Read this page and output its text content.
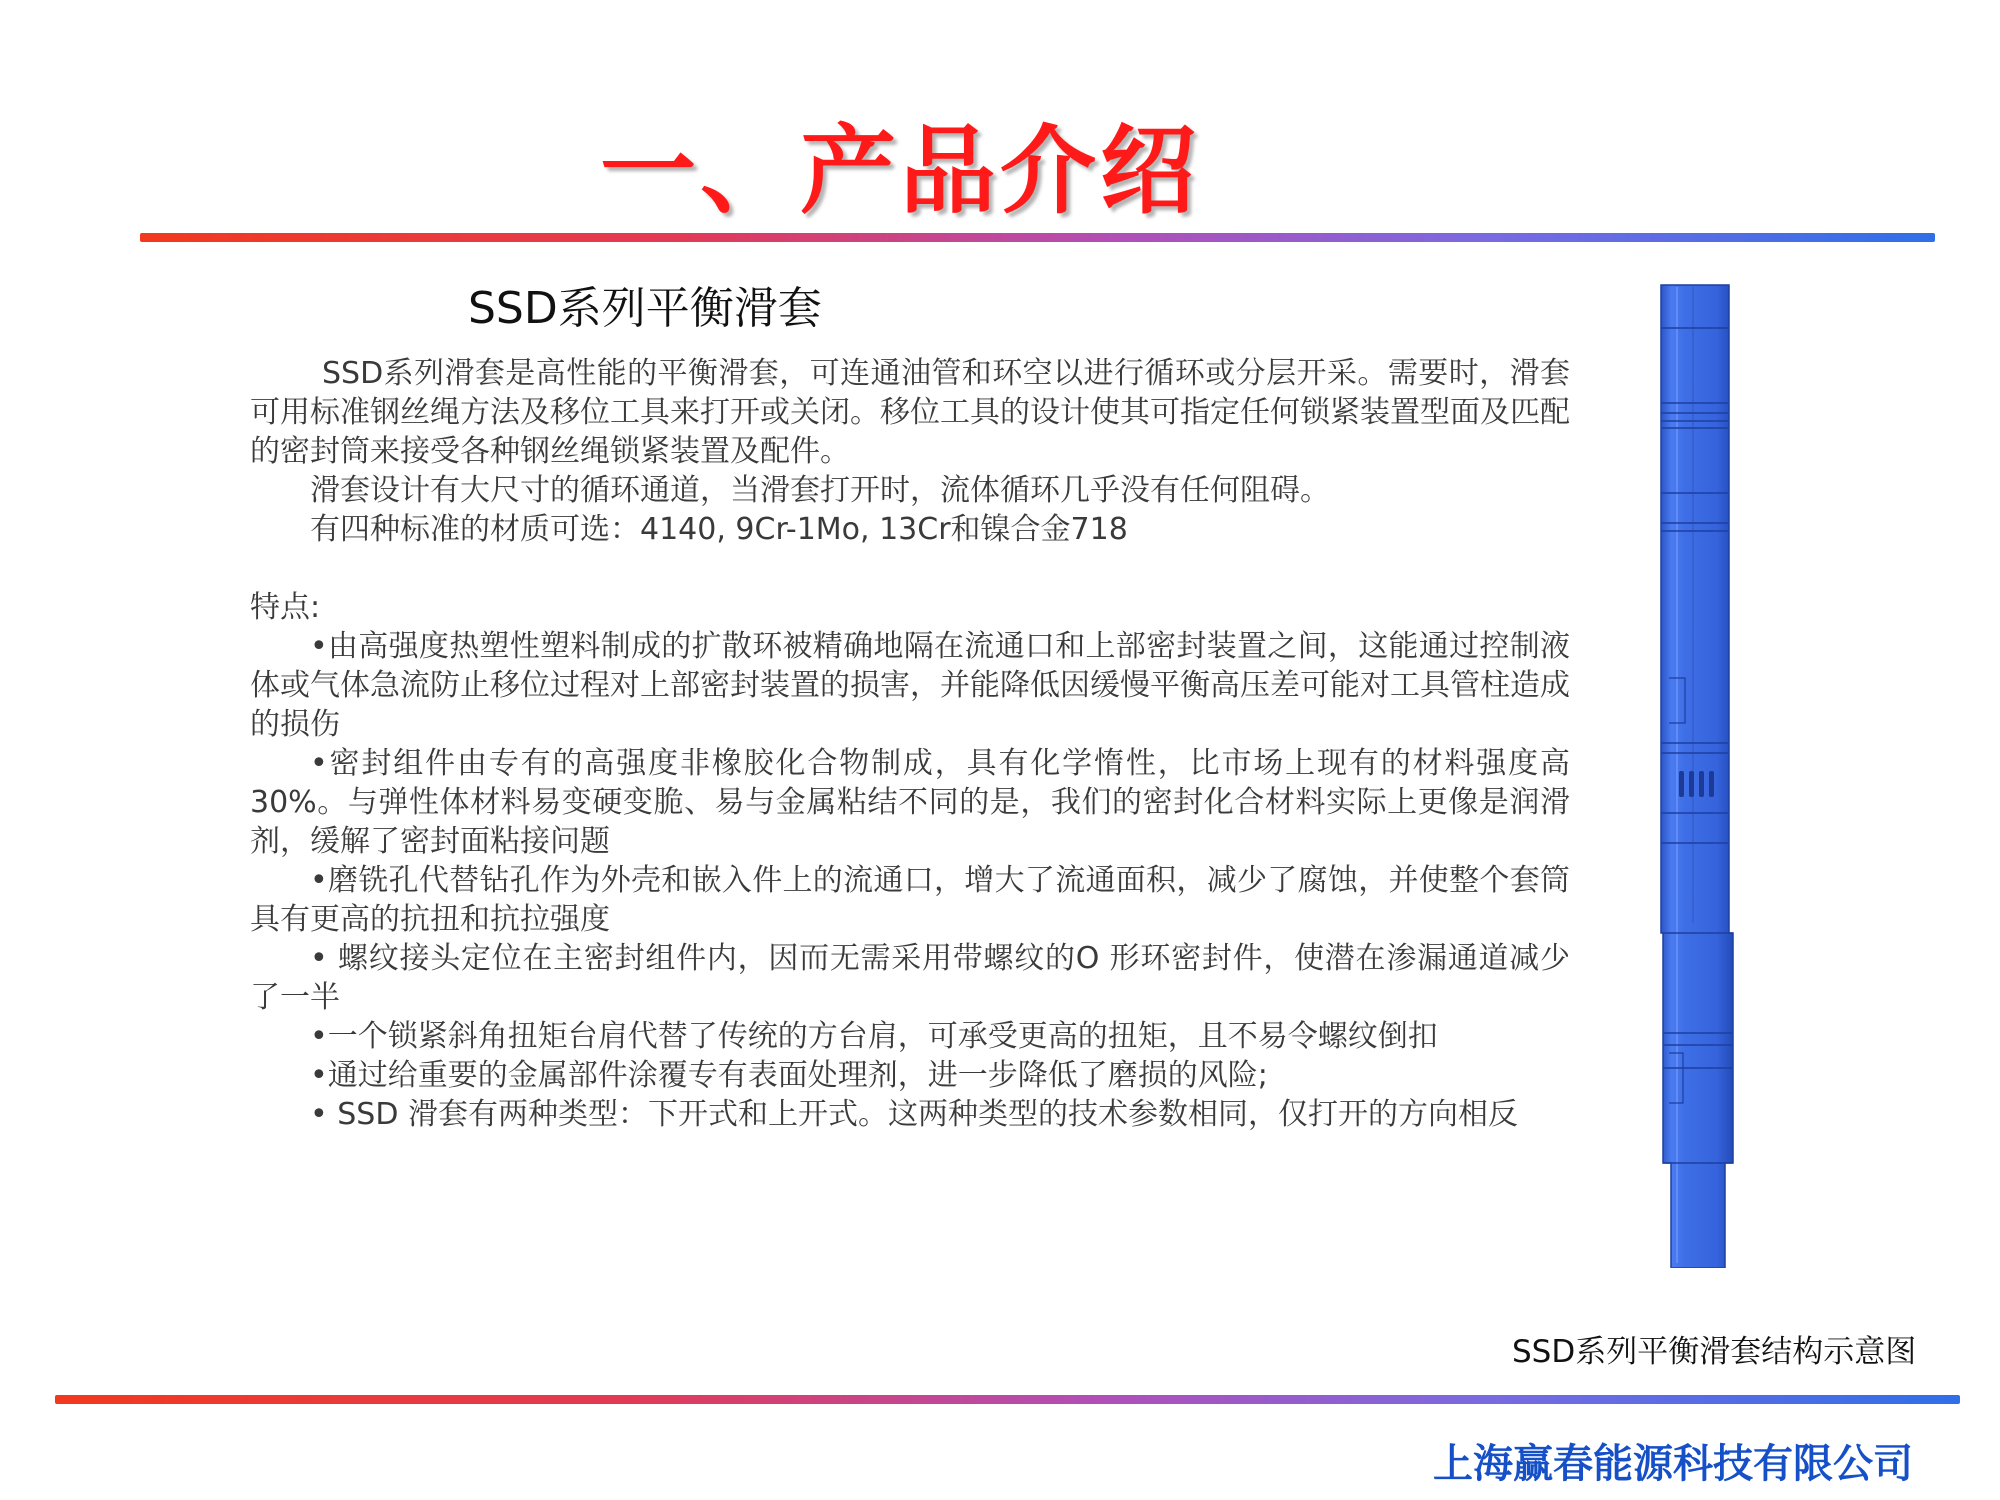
一、产品介绍
SSD系列平衡滑套

SSD系列滑套是高性能的平衡滑套，可连通油管和环空以进行循环或分层开采。需要时，滑套可用标准钢丝绳方法及移位工具来打开或关闭。移位工具的设计使其可指定任何锁紧装置型面及匹配的密封筒来接受各种钢丝绳锁紧装置及配件。

滑套设计有大尺寸的循环通道，当滑套打开时，流体循环几乎没有任何阻碍。

有四种标准的材质可选：4140, 9Cr-1Mo, 13Cr和镍合金718

特点:

•由高强度热塑性塑料制成的扩散环被精确地隔在流通口和上部密封装置之间，这能通过控制液体或气体急流防止移位过程对上部密封装置的损害，并能降低因缓慢平衡高压差可能对工具管柱造成的损伤

•密封组件由专有的高强度非橡胶化合物制成，具有化学惰性，比市场上现有的材料强度高30%。与弹性体材料易变硬变脆、易与金属粘结不同的是，我们的密封化合材料实际上更像是润滑剂，缓解了密封面粘接问题

•磨铣孔代替钻孔作为外壳和嵌入件上的流通口，增大了流通面积，减少了腐蚀，并使整个套筒具有更高的抗扭和抗拉强度

• 螺纹接头定位在主密封组件内，因而无需采用带螺纹的O 形环密封件，使潜在渗漏通道减少了一半

•一个锁紧斜角扭矩台肩代替了传统的方台肩，可承受更高的扭矩，且不易令螺纹倒扣

•通过给重要的金属部件涂覆专有表面处理剂，进一步降低了磨损的风险;

• SSD 滑套有两种类型：下开式和上开式。这两种类型的技术参数相同，仅打开的方向相反

SSD系列平衡滑套结构示意图
上海赢春能源科技有限公司
